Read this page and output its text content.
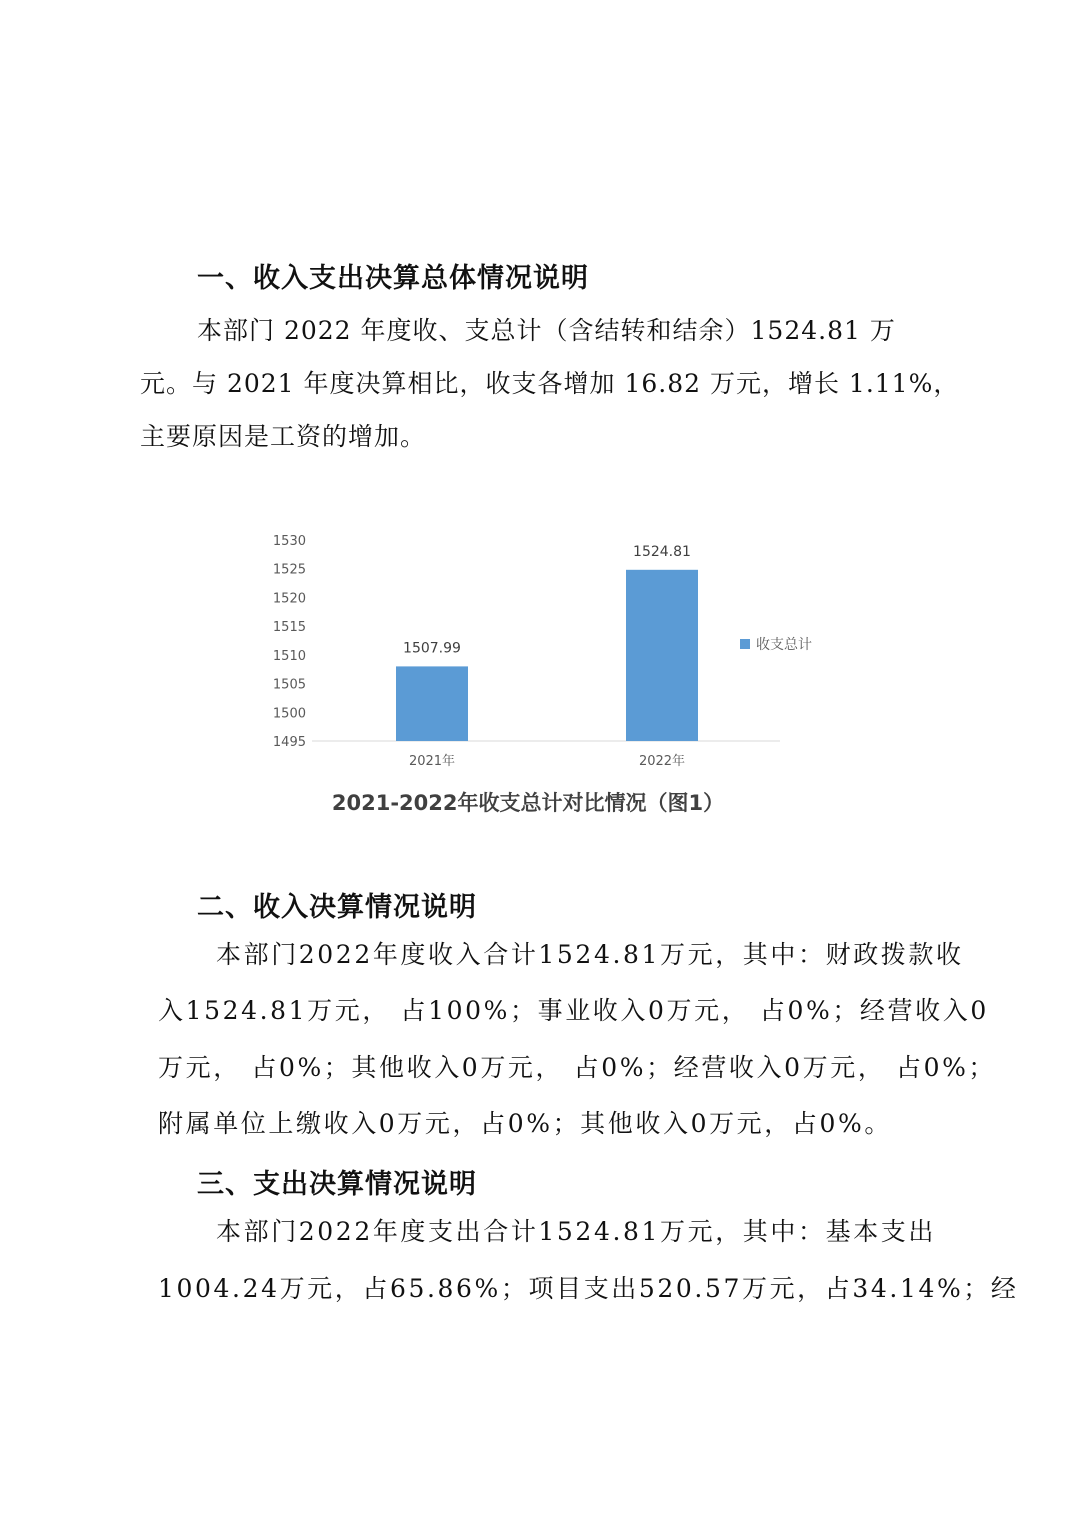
一、收入支出决算总体情况说明
本部门 2022 年度收、支总计（含结转和结余）1524.81 万
元。与 2021 年度决算相比，收支各增加 16.82 万元，增长 1.11%，
主要原因是工资的增加。
1530
1525
1520
1515
1510
1505
1500
1495
1507.99
2021年
1524.81
2022年
收支总计
2021-2022年收支总计对比情况（图1）
二、收入决算情况说明
本部门2022年度收入合计1524.81万元，其中：财政拨款收
入1524.81万元， 占100%；事业收入0万元， 占0%；经营收入0
万元， 占0%；其他收入0万元， 占0%；经营收入0万元， 占0%；
附属单位上缴收入0万元，占0%；其他收入0万元，占0%。
三、支出决算情况说明
本部门2022年度支出合计1524.81万元，其中：基本支出
1004.24万元，占65.86%；项目支出520.57万元，占34.14%；经
